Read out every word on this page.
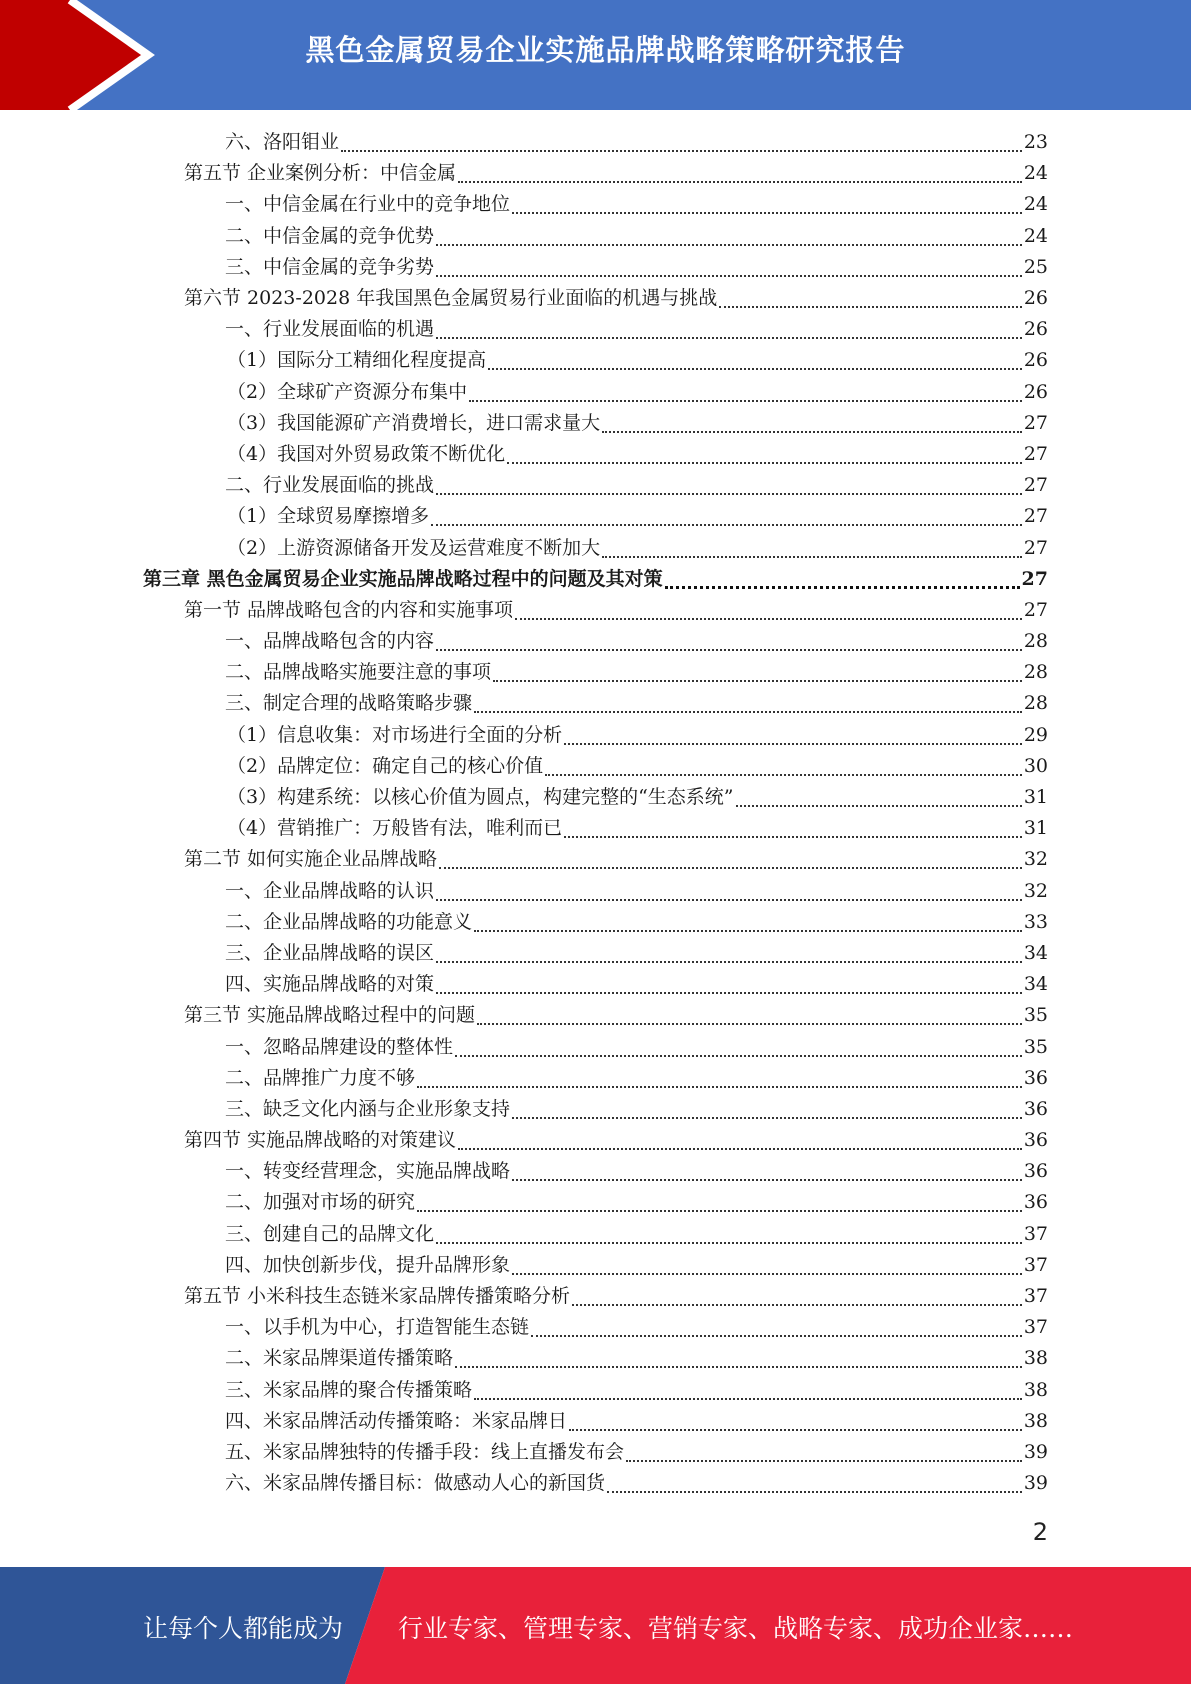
黑色金属贸易企业实施品牌战略策略研究报告
六、洛阳钼业	23
第五节 企业案例分析：中信金属	24
一、中信金属在行业中的竞争地位	24
二、中信金属的竞争优势	24
三、中信金属的竞争劣势	25
第六节 2023-2028 年我国黑色金属贸易行业面临的机遇与挑战	26
一、行业发展面临的机遇	26
（1）国际分工精细化程度提高	26
（2）全球矿产资源分布集中	26
（3）我国能源矿产消费增长，进口需求量大	27
（4）我国对外贸易政策不断优化	27
二、行业发展面临的挑战	27
（1）全球贸易摩擦增多	27
（2）上游资源储备开发及运营难度不断加大	27
第三章 黑色金属贸易企业实施品牌战略过程中的问题及其对策	27
第一节 品牌战略包含的内容和实施事项	27
一、品牌战略包含的内容	28
二、品牌战略实施要注意的事项	28
三、制定合理的战略策略步骤	28
（1）信息收集：对市场进行全面的分析	29
（2）品牌定位：确定自己的核心价值	30
（3）构建系统：以核心价值为圆点，构建完整的“生态系统”	31
（4）营销推广：万般皆有法，唯利而已	31
第二节 如何实施企业品牌战略	32
一、企业品牌战略的认识	32
二、企业品牌战略的功能意义	33
三、企业品牌战略的误区	34
四、实施品牌战略的对策	34
第三节 实施品牌战略过程中的问题	35
一、忽略品牌建设的整体性	35
二、品牌推广力度不够	36
三、缺乏文化内涵与企业形象支持	36
第四节 实施品牌战略的对策建议	36
一、转变经营理念，实施品牌战略	36
二、加强对市场的研究	36
三、创建自己的品牌文化	37
四、加快创新步伐，提升品牌形象	37
第五节 小米科技生态链米家品牌传播策略分析	37
一、以手机为中心，打造智能生态链	37
二、米家品牌渠道传播策略	38
三、米家品牌的聚合传播策略	38
四、米家品牌活动传播策略：米家品牌日	38
五、米家品牌独特的传播手段：线上直播发布会	39
六、米家品牌传播目标：做感动人心的新国货	39
2
让每个人都能成为 行业专家、管理专家、营销专家、战略专家、成功企业家……
